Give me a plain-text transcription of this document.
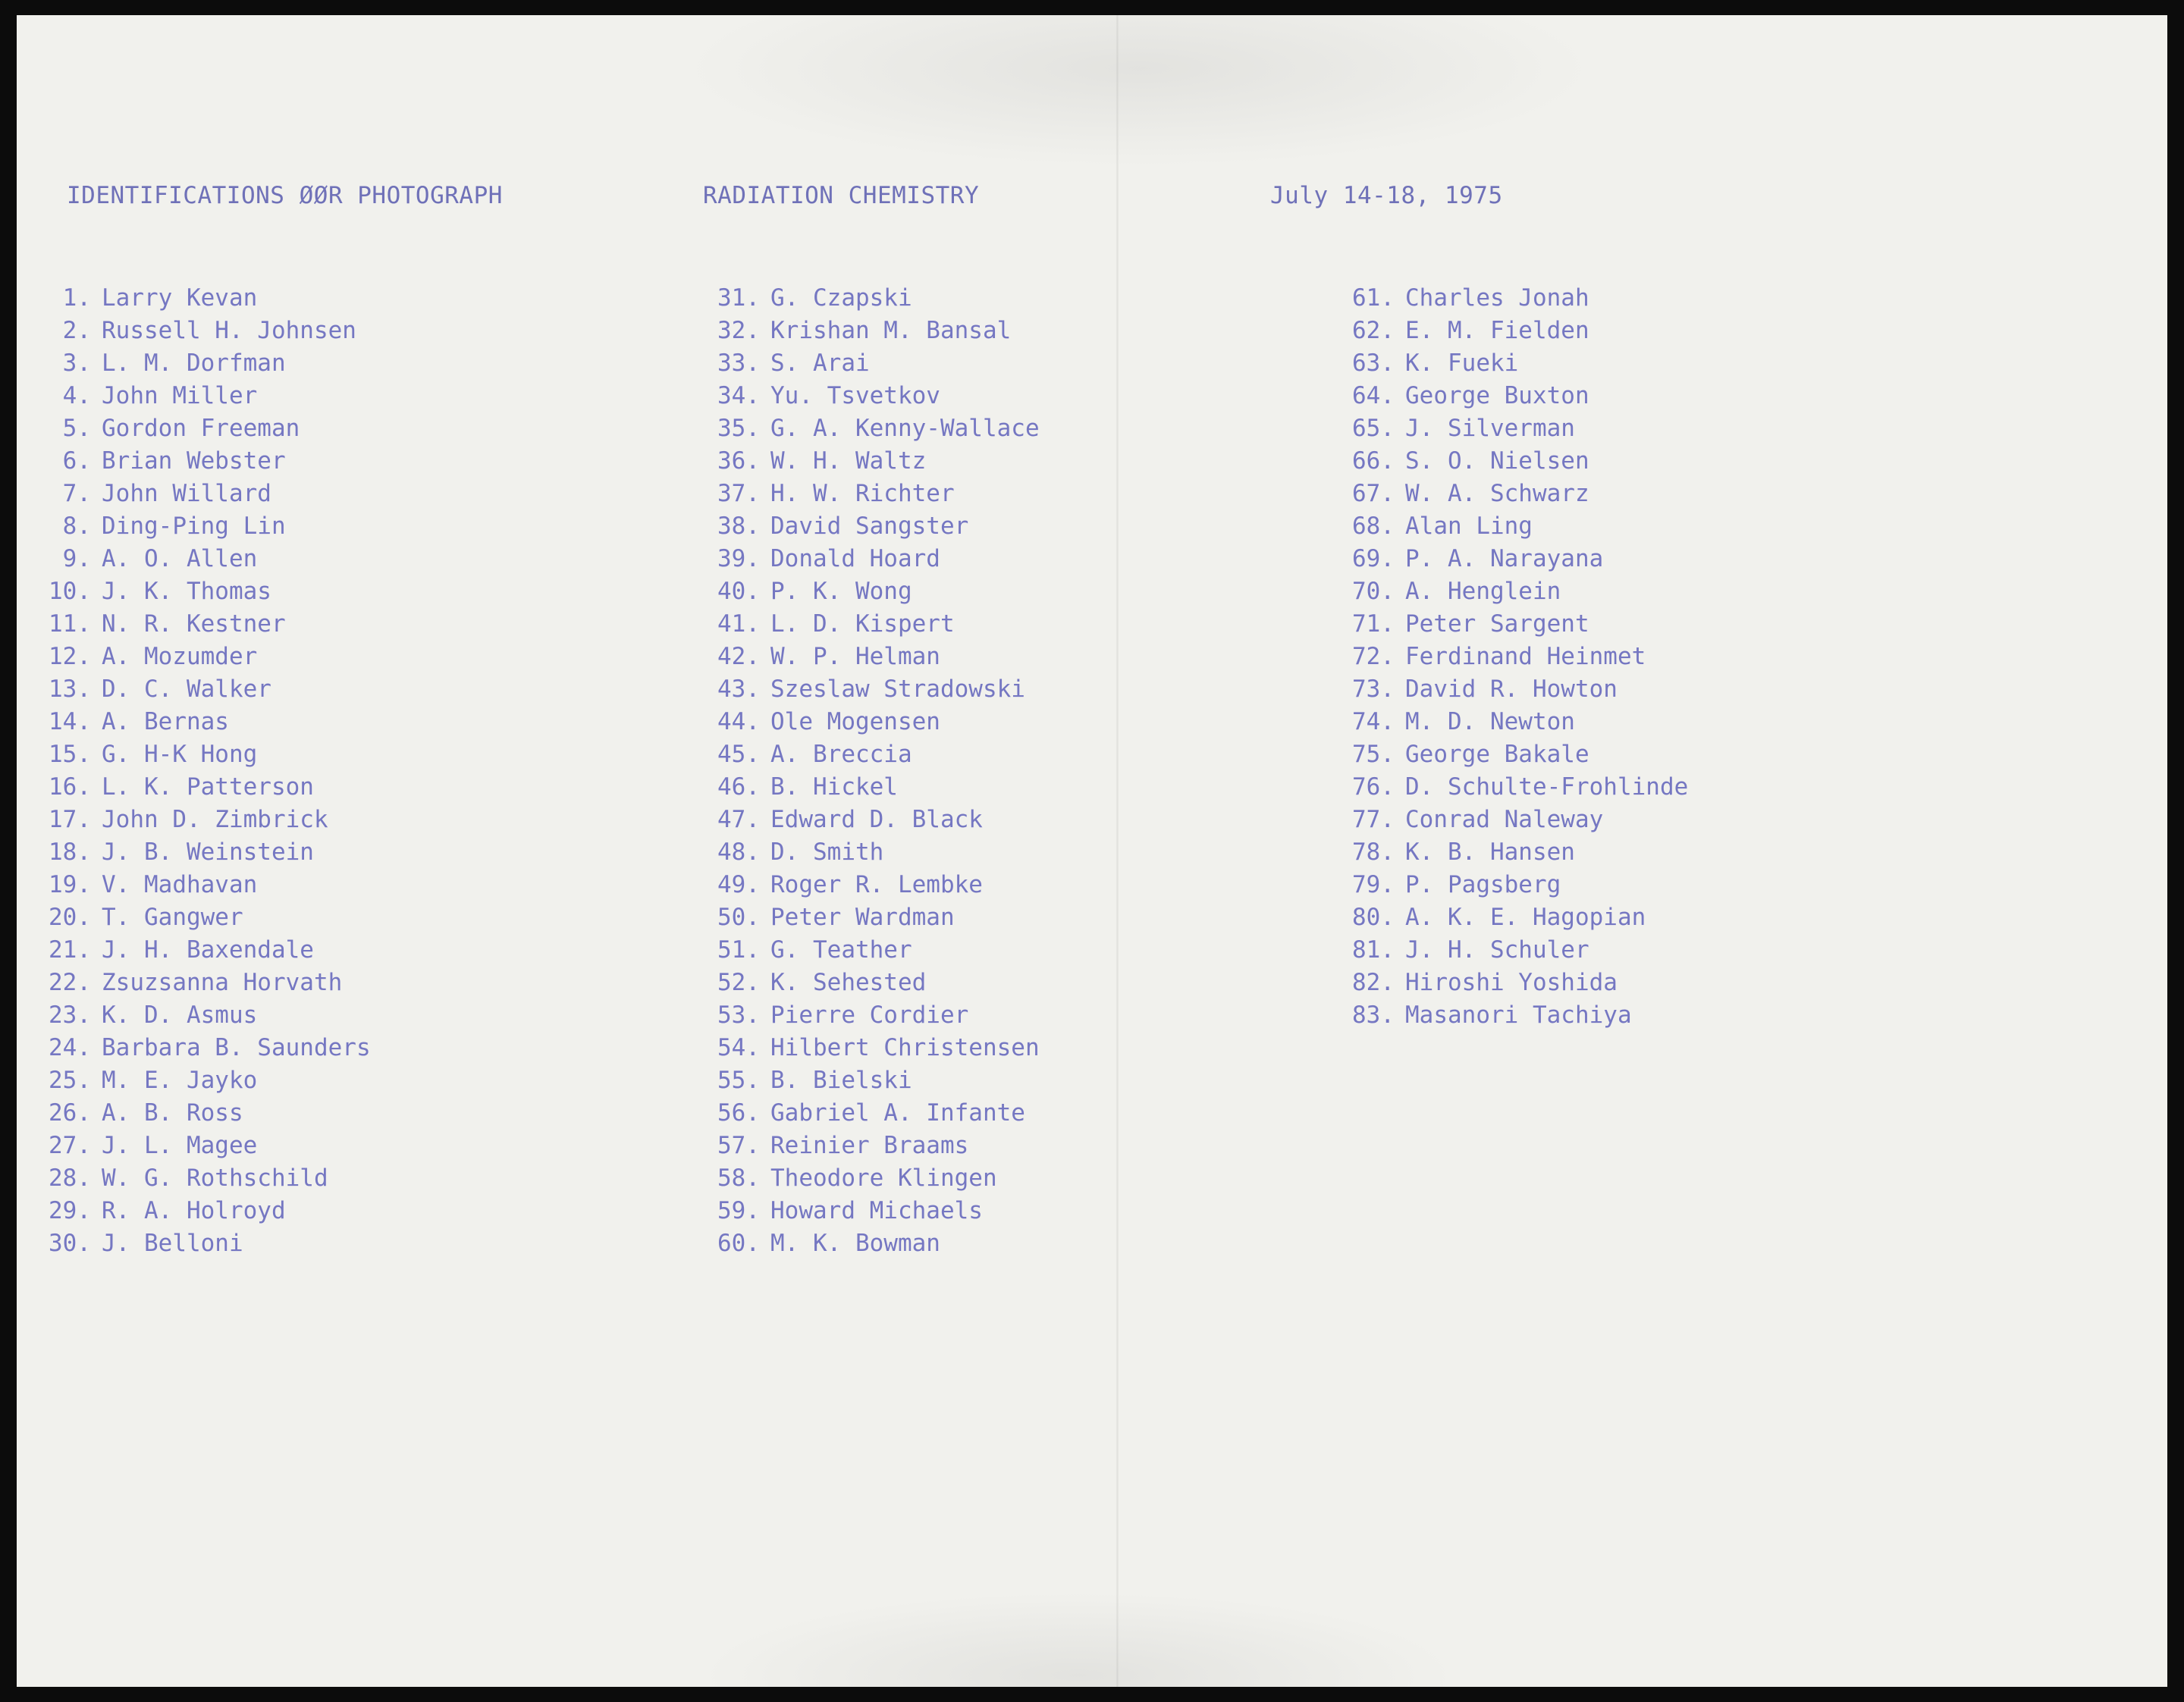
IDENTIFICATIONS ØØR PHOTOGRAPH	RADIATION CHEMISTRY	July 14-18, 1975
1. Larry Kevan
2. Russell H. Johnsen
3. L. M. Dorfman
4. John Miller
5. Gordon Freeman
6. Brian Webster
7. John Willard
8. Ding-Ping Lin
9. A. O. Allen
10. J. K. Thomas
11. N. R. Kestner
12. A. Mozumder
13. D. C. Walker
14. A. Bernas
15. G. H-K Hong
16. L. K. Patterson
17. John D. Zimbrick
18. J. B. Weinstein
19. V. Madhavan
20. T. Gangwer
21. J. H. Baxendale
22. Zsuzsanna Horvath
23. K. D. Asmus
24. Barbara B. Saunders
25. M. E. Jayko
26. A. B. Ross
27. J. L. Magee
28. W. G. Rothschild
29. R. A. Holroyd
30. J. Belloni
31. G. Czapski
32. Krishan M. Bansal
33. S. Arai
34. Yu. Tsvetkov
35. G. A. Kenny-Wallace
36. W. H. Waltz
37. H. W. Richter
38. David Sangster
39. Donald Hoard
40. P. K. Wong
41. L. D. Kispert
42. W. P. Helman
43. Szeslaw Stradowski
44. Ole Mogensen
45. A. Breccia
46. B. Hickel
47. Edward D. Black
48. D. Smith
49. Roger R. Lembke
50. Peter Wardman
51. G. Teather
52. K. Sehested
53. Pierre Cordier
54. Hilbert Christensen
55. B. Bielski
56. Gabriel A. Infante
57. Reinier Braams
58. Theodore Klingen
59. Howard Michaels
60. M. K. Bowman
61. Charles Jonah
62. E. M. Fielden
63. K. Fueki
64. George Buxton
65. J. Silverman
66. S. O. Nielsen
67. W. A. Schwarz
68. Alan Ling
69. P. A. Narayana
70. A. Henglein
71. Peter Sargent
72. Ferdinand Heinmet
73. David R. Howton
74. M. D. Newton
75. George Bakale
76. D. Schulte-Frohlinde
77. Conrad Naleway
78. K. B. Hansen
79. P. Pagsberg
80. A. K. E. Hagopian
81. J. H. Schuler
82. Hiroshi Yoshida
83. Masanori Tachiya
